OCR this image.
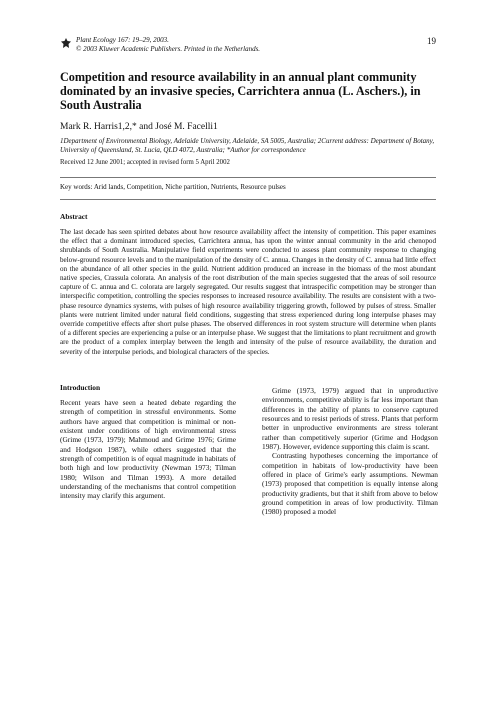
Plant Ecology 167: 19–29, 2003.
© 2003 Kluwer Academic Publishers. Printed in the Netherlands.
19
Competition and resource availability in an annual plant community dominated by an invasive species, Carrichtera annua (L. Aschers.), in South Australia
Mark R. Harris1,2,* and José M. Facelli1
1Department of Environmental Biology, Adelaide University, Adelaide, SA 5005, Australia; 2Current address: Department of Botany, University of Queensland, St. Lucia, QLD 4072, Australia; *Author for correspondence
Received 12 June 2001; accepted in revised form 5 April 2002
Key words: Arid lands, Competition, Niche partition, Nutrients, Resource pulses
Abstract
The last decade has seen spirited debates about how resource availability affect the intensity of competition. This paper examines the effect that a dominant introduced species, Carrichtera annua, has upon the winter annual community in the arid chenopod shrublands of South Australia. Manipulative field experiments were conducted to assess plant community response to changing below-ground resource levels and to the manipulation of the density of C. annua. Changes in the density of C. annua had little effect on the abundance of all other species in the guild. Nutrient addition produced an increase in the biomass of the most abundant native species, Crassula colorata. An analysis of the root distribution of the main species suggested that the areas of soil resource capture of C. annua and C. colorata are largely segregated. Our results suggest that intraspecific competition may be stronger than interspecific competition, controlling the species responses to increased resource availability. The results are consistent with a two-phase resource dynamics systems, with pulses of high resource availability triggering growth, followed by pulses of stress. Smaller plants were nutrient limited under natural field conditions, suggesting that stress experienced during long interpulse phases may override competitive effects after short pulse phases. The observed differences in root system structure will determine when plants of a different species are experiencing a pulse or an interpulse phase. We suggest that the limitations to plant recruitment and growth are the product of a complex interplay between the length and intensity of the pulse of resource availability, the duration and severity of the interpulse periods, and biological characters of the species.
Introduction

Recent years have seen a heated debate regarding the strength of competition in stressful environments. Some authors have argued that competition is minimal or non-existent under conditions of high environmental stress (Grime (1973, 1979); Mahmoud and Grime 1976; Grime and Hodgson 1987), while others suggested that the strength of competition is of equal magnitude in habitats of both high and low productivity (Newman 1973; Tilman 1980; Wilson and Tilman 1993). A more detailed understanding of the mechanisms that control competition intensity may clarify this argument.

Grime (1973, 1979) argued that in unproductive environments, competitive ability is far less important than differences in the ability of plants to conserve captured resources and to resist periods of stress. Plants that perform better in unproductive environments are stress tolerant rather than competitively superior (Grime and Hodgson 1987). However, evidence supporting this claim is scant.

Contrasting hypotheses concerning the importance of competition in habitats of low-productivity have been offered in place of Grime's early assumptions. Newman (1973) proposed that competition is equally intense along productivity gradients, but that it shift from above to below ground competition in areas of low productivity. Tilman (1980) proposed a model
